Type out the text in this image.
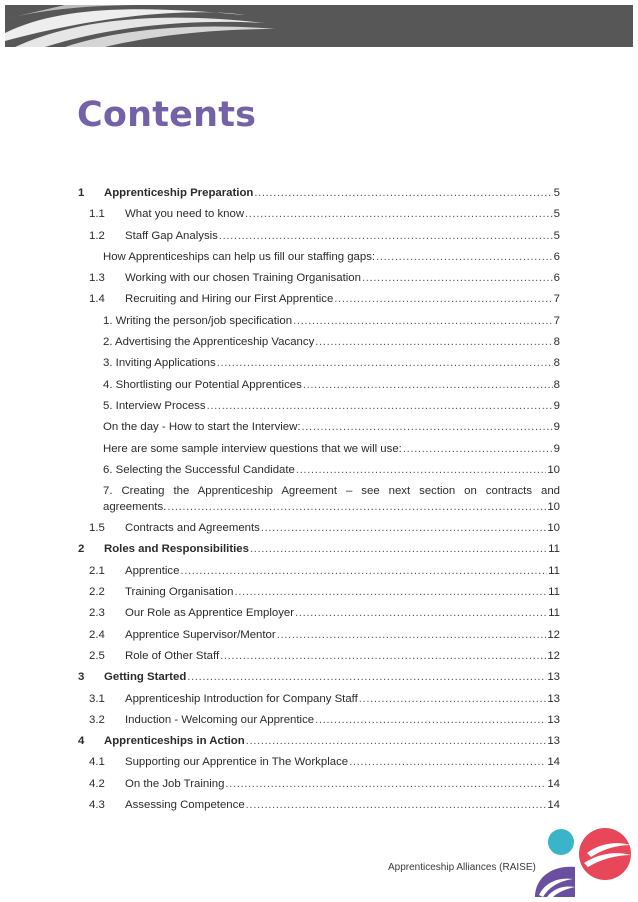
Contents
1	Apprenticeship Preparation .....	5
1.1	What you need to know .....	5
1.2	Staff Gap Analysis .....	5
How Apprenticeships can help us fill our staffing gaps: .....	6
1.3	Working with our chosen Training Organisation .....	6
1.4	Recruiting and Hiring our First Apprentice .....	7
1. Writing the person/job specification .....	7
2. Advertising the Apprenticeship Vacancy .....	8
3. Inviting Applications .....	8
4. Shortlisting our Potential Apprentices .....	8
5. Interview Process .....	9
On the day - How to start the Interview: .....	9
Here are some sample interview questions that we will use: .....	9
6. Selecting the Successful Candidate .....	10
7. Creating the Apprenticeship Agreement – see next section on contracts and
agreements. .....	10
1.5	Contracts and Agreements .....	10
2	Roles and Responsibilities .....	11
2.1	Apprentice .....	11
2.2	Training Organisation .....	11
2.3	Our Role as Apprentice Employer .....	11
2.4	Apprentice Supervisor/Mentor .....	12
2.5	Role of Other Staff .....	12
3	Getting Started .....	13
3.1	Apprenticeship Introduction for Company Staff .....	13
3.2	Induction - Welcoming our Apprentice .....	13
4	Apprenticeships in Action .....	13
4.1	Supporting our Apprentice in The Workplace .....	14
4.2	On the Job Training .....	14
4.3	Assessing Competence .....	14
Apprenticeship Alliances (RAISE)
